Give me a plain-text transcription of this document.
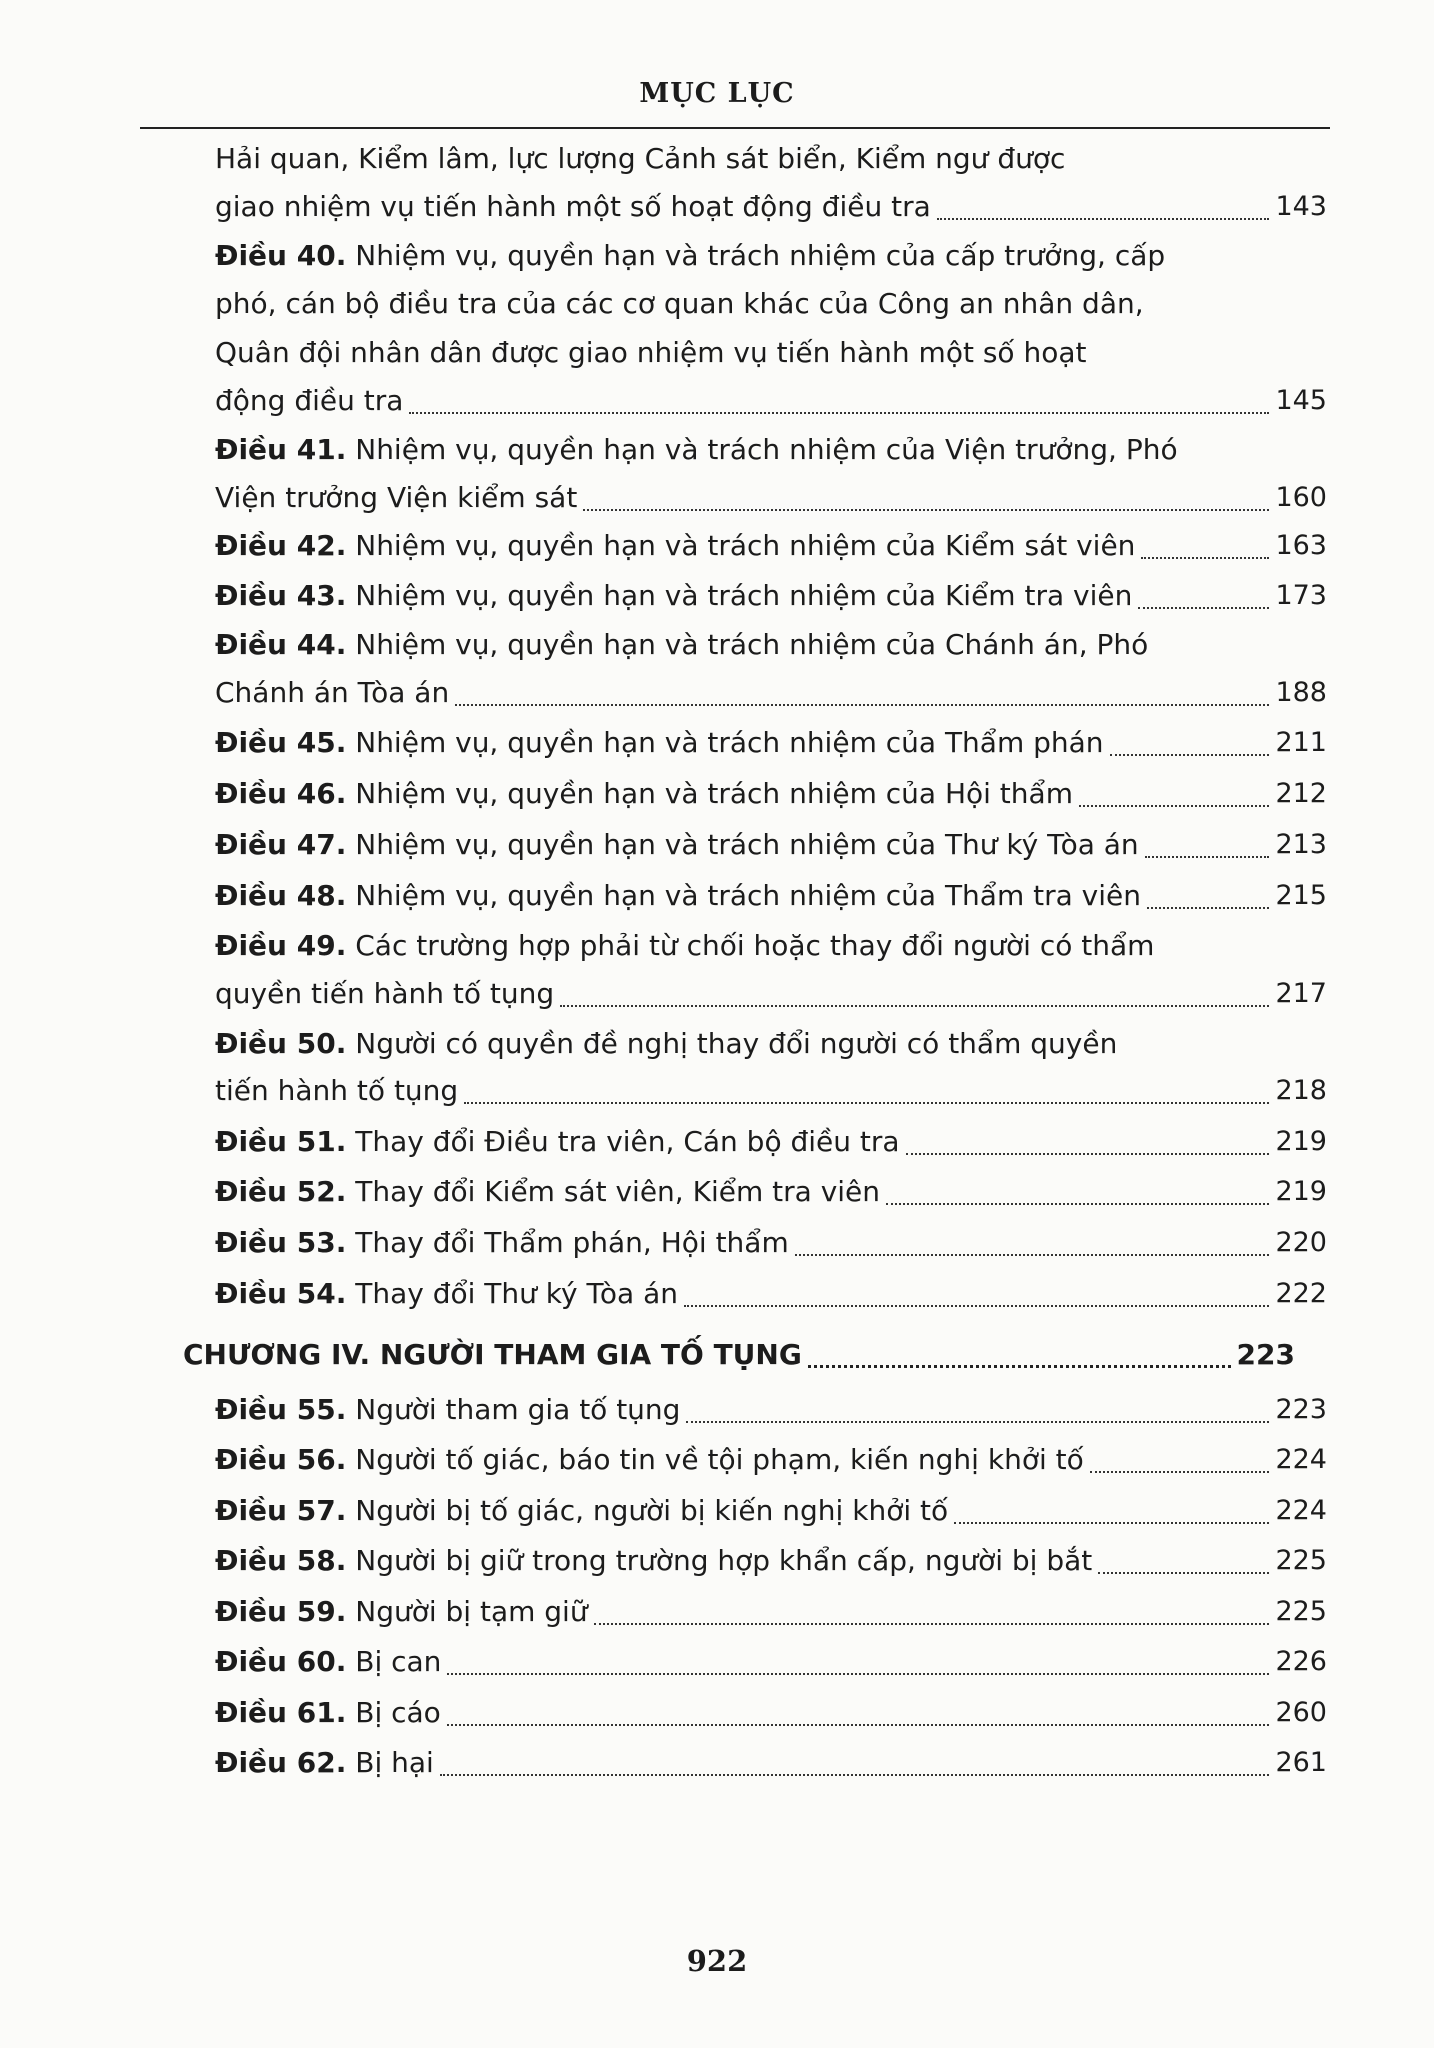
MỤC LỤC
Hải quan, Kiểm lâm, lực lượng Cảnh sát biển, Kiểm ngư được
giao nhiệm vụ tiến hành một số hoạt động điều tra	143
Điều 40. Nhiệm vụ, quyền hạn và trách nhiệm của cấp trưởng, cấp
phó, cán bộ điều tra của các cơ quan khác của Công an nhân dân,
Quân đội nhân dân được giao nhiệm vụ tiến hành một số hoạt
động điều tra	145
Điều 41. Nhiệm vụ, quyền hạn và trách nhiệm của Viện trưởng, Phó
Viện trưởng Viện kiểm sát	160
Điều 42. Nhiệm vụ, quyền hạn và trách nhiệm của Kiểm sát viên	163
Điều 43. Nhiệm vụ, quyền hạn và trách nhiệm của Kiểm tra viên	173
Điều 44. Nhiệm vụ, quyền hạn và trách nhiệm của Chánh án, Phó
Chánh án Tòa án	188
Điều 45. Nhiệm vụ, quyền hạn và trách nhiệm của Thẩm phán	211
Điều 46. Nhiệm vụ, quyền hạn và trách nhiệm của Hội thẩm	212
Điều 47. Nhiệm vụ, quyền hạn và trách nhiệm của Thư ký Tòa án	213
Điều 48. Nhiệm vụ, quyền hạn và trách nhiệm của Thẩm tra viên	215
Điều 49. Các trường hợp phải từ chối hoặc thay đổi người có thẩm
quyền tiến hành tố tụng	217
Điều 50. Người có quyền đề nghị thay đổi người có thẩm quyền
tiến hành tố tụng	218
Điều 51. Thay đổi Điều tra viên, Cán bộ điều tra	219
Điều 52. Thay đổi Kiểm sát viên, Kiểm tra viên	219
Điều 53. Thay đổi Thẩm phán, Hội thẩm	220
Điều 54. Thay đổi Thư ký Tòa án	222
CHƯƠNG IV. NGƯỜI THAM GIA TỐ TỤNG	223
Điều 55. Người tham gia tố tụng	223
Điều 56. Người tố giác, báo tin về tội phạm, kiến nghị khởi tố	224
Điều 57. Người bị tố giác, người bị kiến nghị khởi tố	224
Điều 58. Người bị giữ trong trường hợp khẩn cấp, người bị bắt	225
Điều 59. Người bị tạm giữ	225
Điều 60. Bị can	226
Điều 61. Bị cáo	260
Điều 62. Bị hại	261
922
